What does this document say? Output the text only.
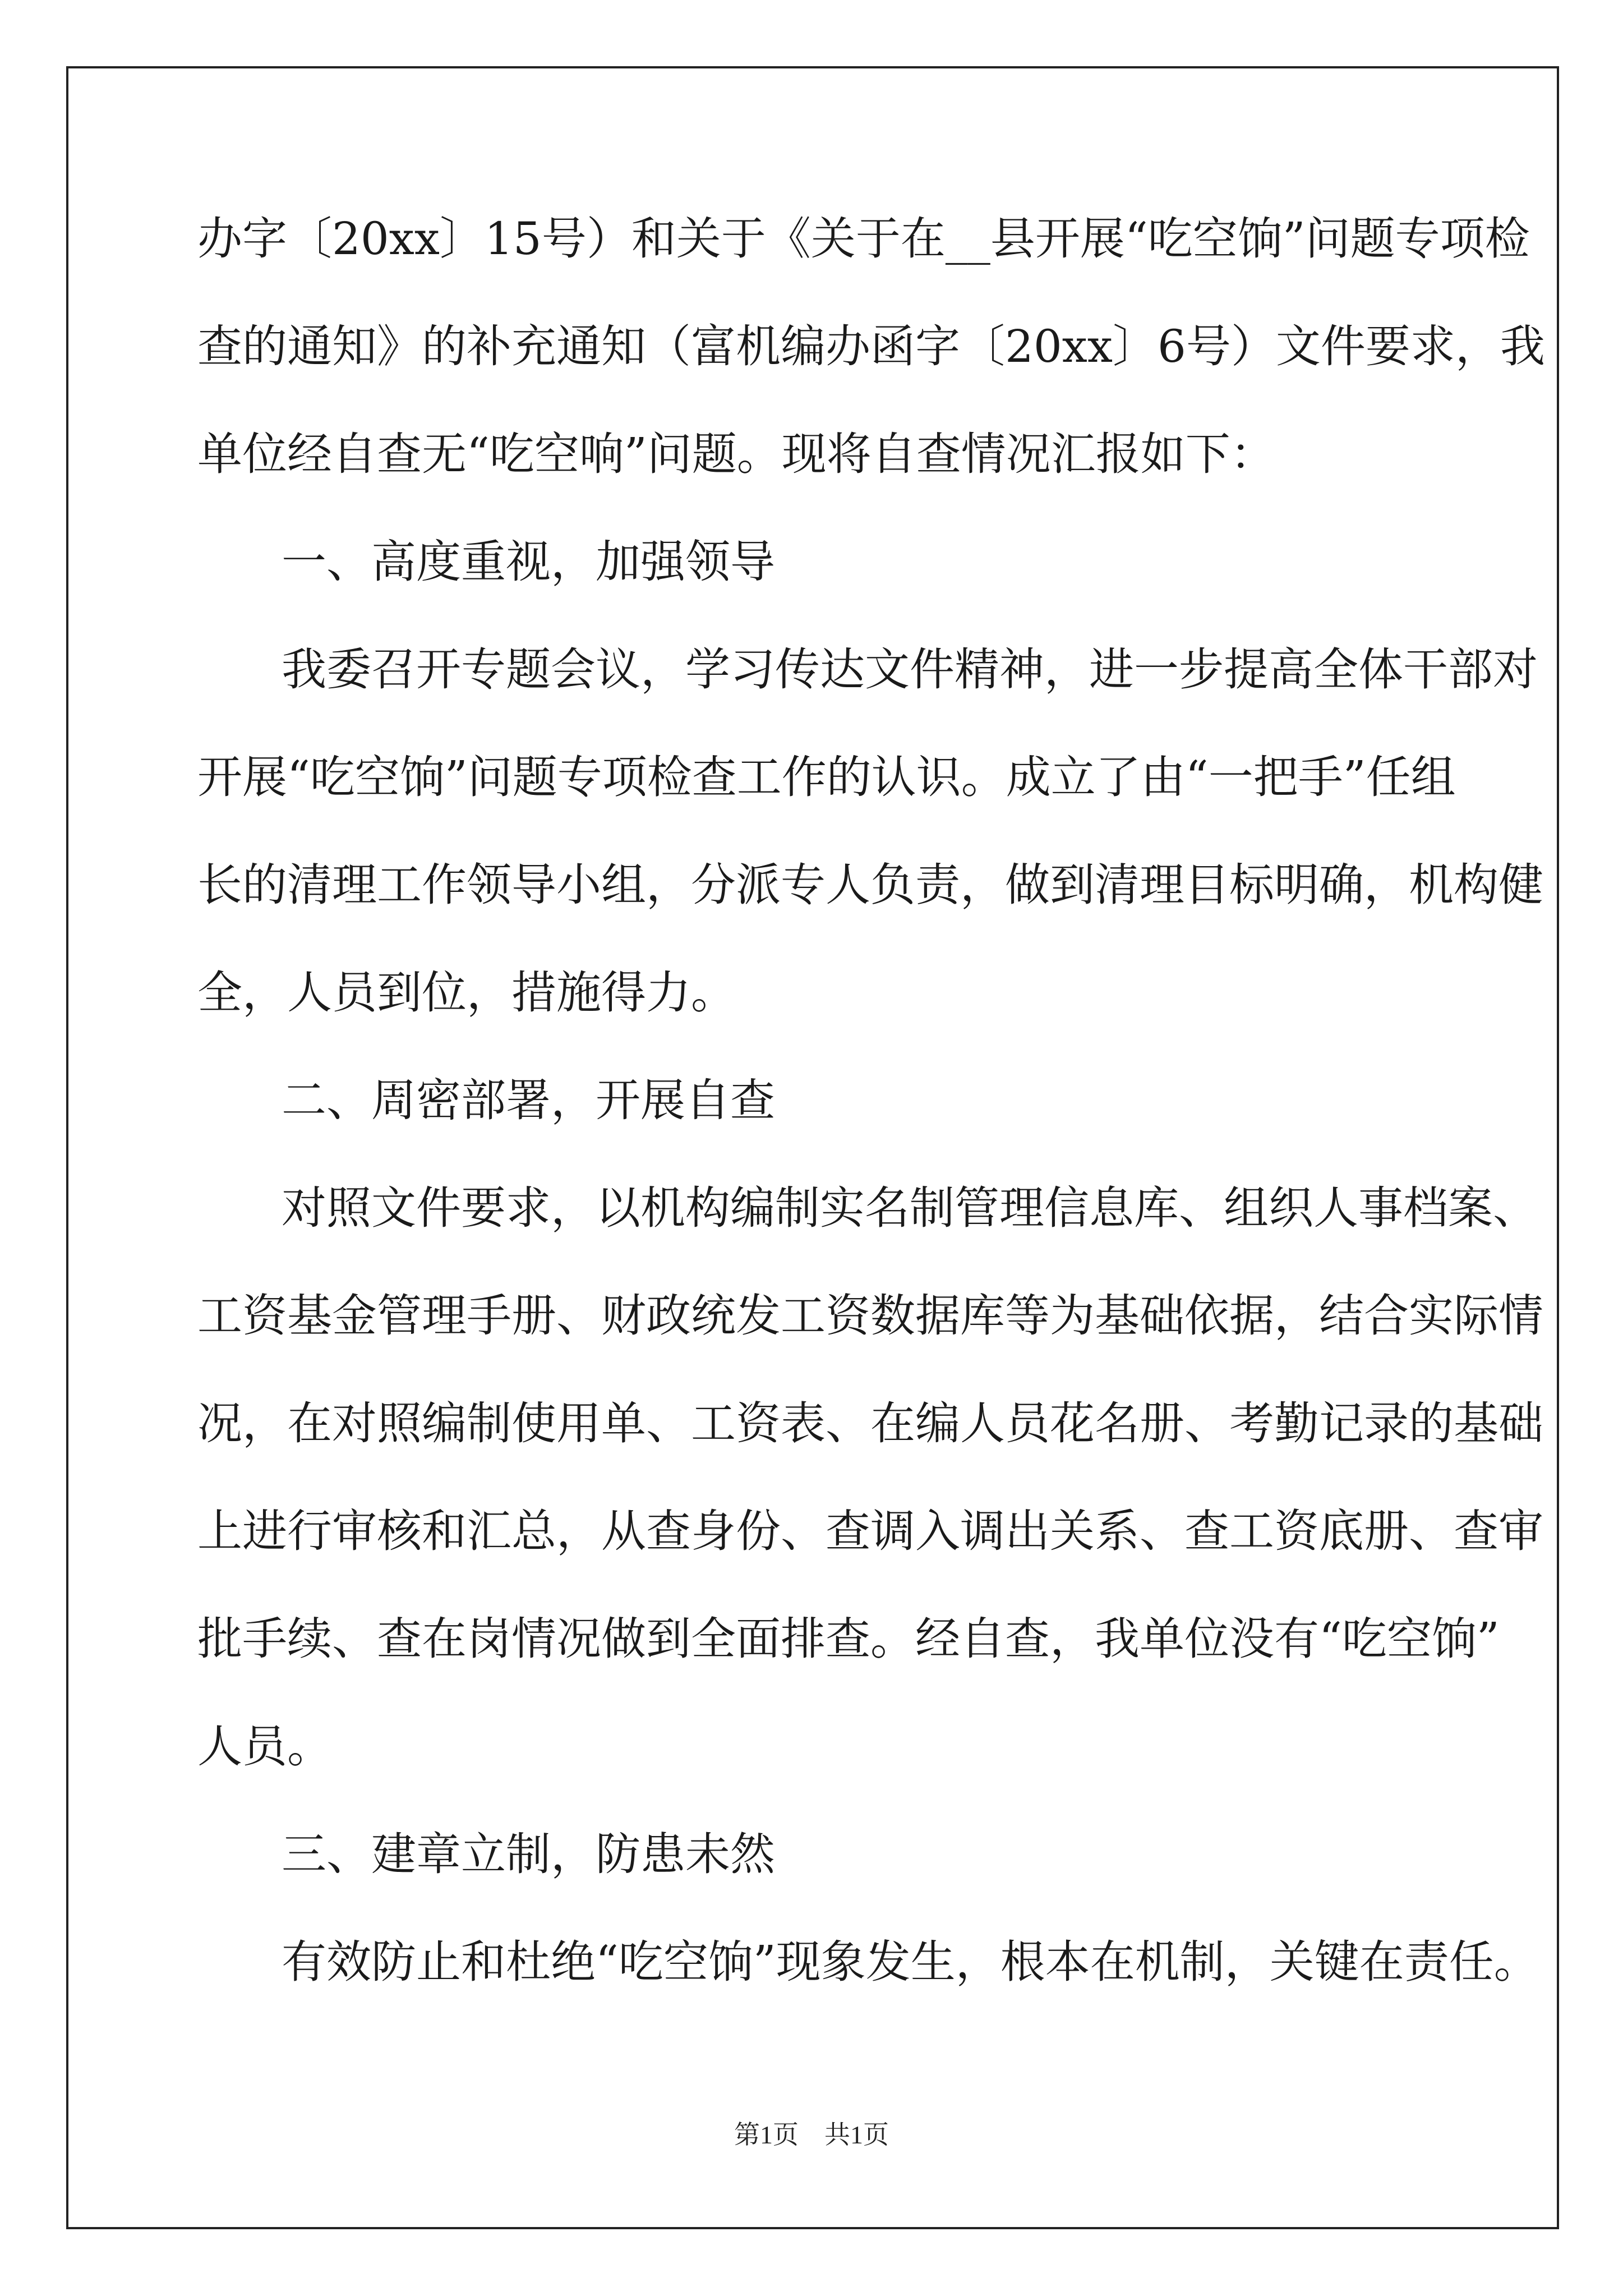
办字〔20xx〕15号）和关于《关于在__县开展“吃空饷”问题专项检
查的通知》的补充通知（富机编办函字〔20xx〕6号）文件要求，我
单位经自查无“吃空响”问题。现将自查情况汇报如下：
一、高度重视，加强领导
我委召开专题会议，学习传达文件精神，进一步提高全体干部对
开展“吃空饷”问题专项检查工作的认识。成立了由“一把手”任组
长的清理工作领导小组，分派专人负责，做到清理目标明确，机构健
全，人员到位，措施得力。
二、周密部署，开展自查
对照文件要求，以机构编制实名制管理信息库、组织人事档案、
工资基金管理手册、财政统发工资数据库等为基础依据，结合实际情
况，在对照编制使用单、工资表、在编人员花名册、考勤记录的基础
上进行审核和汇总，从查身份、查调入调出关系、查工资底册、查审
批手续、查在岗情况做到全面排查。经自查，我单位没有“吃空饷”
人员。
三、建章立制，防患未然
有效防止和杜绝“吃空饷”现象发生，根本在机制，关键在责任。
第1页　共1页
